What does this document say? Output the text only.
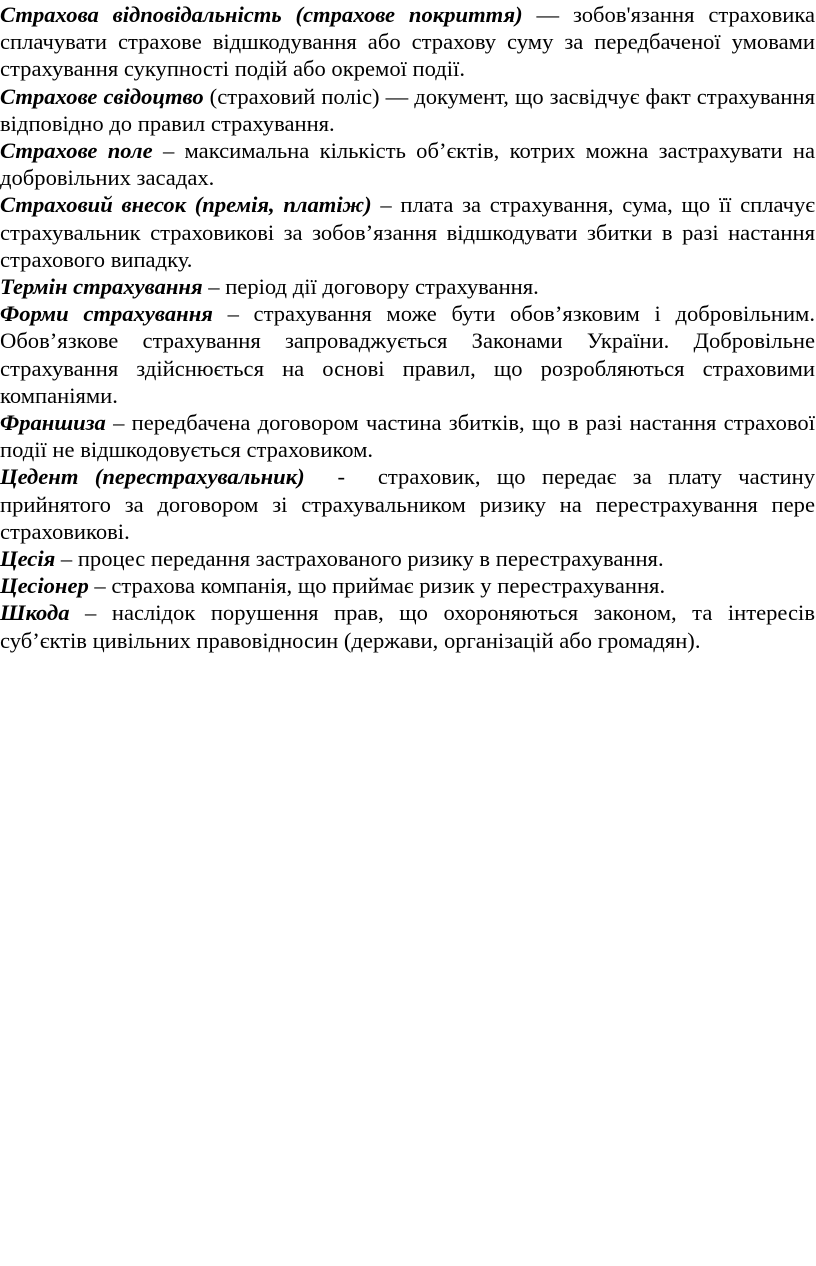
Страхова відповідальність (страхове покриття) — зобов'язання страховика сплачувати страхове відшкодування або страхову суму за передбаченої умовами страхування сукупності подій або окремої події.

Страхове свідоцтво (страховий поліс) — документ, що засвідчує факт страхування відповідно до правил страхування.

Страхове поле – максимальна кількість об’єктів, котрих можна застрахувати на добровільних засадах.

Страховий внесок (премія, платіж) – плата за страхування, сума, що її сплачує страхувальник страховикові за зобов’язання відшкодувати збитки в разі настання страхового випадку.

Термін страхування – період дії договору страхування.

Форми страхування – страхування може бути обов’язковим і добровільним. Обов’язкове страхування запроваджується Законами України. Добровільне страхування здійснюється на основі правил, що розробляються страховими компаніями.

Франшиза – передбачена договором частина збитків, що в разі настання страхової події не відшкодовується страховиком.

Цедент (перестрахувальник)  -  страховик, що передає за плату частину прийнятого за договором зі страхувальником ризику на перестрахування пере страховикові.

Цесія – процес передання застрахованого ризику в перестрахування.

Цесіонер – страхова компанія, що приймає ризик у перестрахування.

Шкода – наслідок порушення прав, що охороняються законом, та інтересів суб’єктів цивільних правовідносин (держави, організацій або громадян).
